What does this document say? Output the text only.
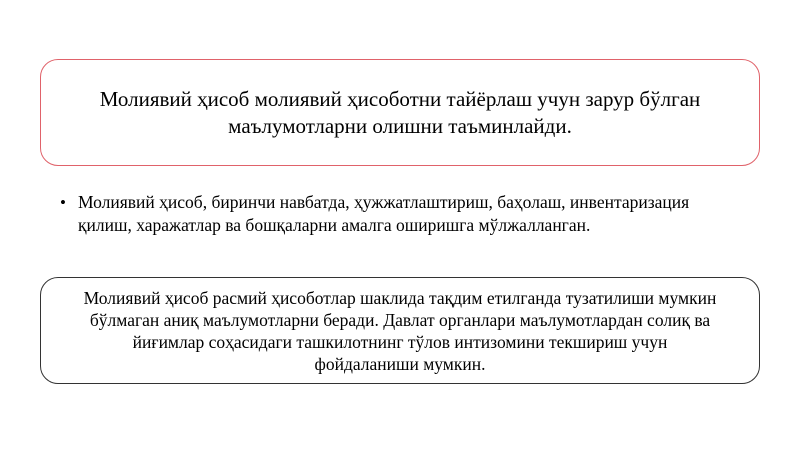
Молиявий ҳисоб молиявий ҳисоботни тайёрлаш учун зарур бўлган маълумотларни олишни таъминлайди.
• Молиявий ҳисоб, биринчи навбатда, ҳужжатлаштириш, баҳолаш, инвентаризация қилиш, харажатлар ва бошқаларни амалга оширишга мўлжалланган.
Молиявий ҳисоб расмий ҳисоботлар шаклида тақдим етилганда тузатилиши мумкин бўлмаган аниқ маълумотларни беради. Давлат органлари маълумотлардан солиқ ва йиғимлар соҳасидаги ташкилотнинг тўлов интизомини текшириш учун фойдаланиши мумкин.
